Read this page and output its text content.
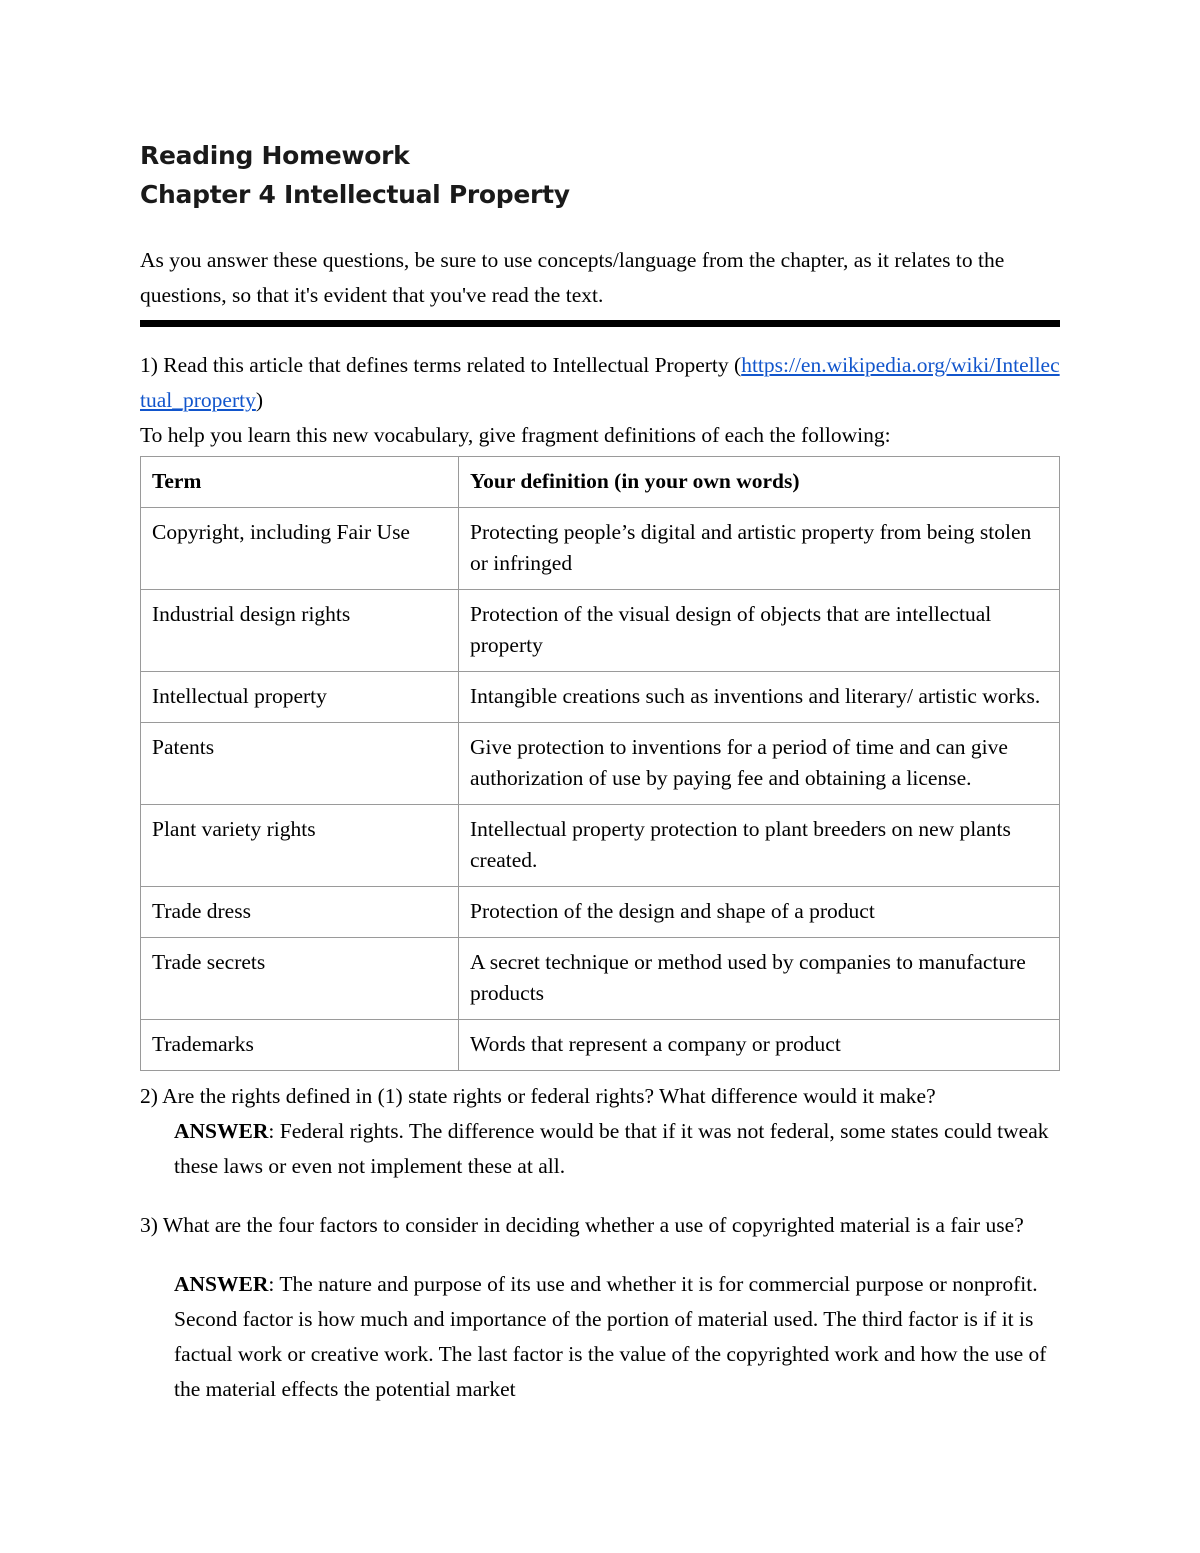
Reading Homework
Chapter 4 Intellectual Property
As you answer these questions, be sure to use concepts/language from the chapter, as it relates to the questions, so that it's evident that you've read the text.

1) Read this article that defines terms related to Intellectual Property (https://en.wikipedia.org/wiki/Intellectual_property)

To help you learn this new vocabulary, give fragment definitions of each the following:

Term	Your definition (in your own words)
Copyright, including Fair Use	Protecting people’s digital and artistic property from being stolen or infringed
Industrial design rights	Protection of the visual design of objects that are intellectual property
Intellectual property	Intangible creations such as inventions and literary/ artistic works.
Patents	Give protection to inventions for a period of time and can give authorization of use by paying fee and obtaining a license.
Plant variety rights	Intellectual property protection to plant breeders on new plants created.
Trade dress	Protection of the design and shape of a product
Trade secrets	A secret technique or method used by companies to manufacture products
Trademarks	Words that represent a company or product

2) Are the rights defined in (1) state rights or federal rights? What difference would it make?

ANSWER: Federal rights. The difference would be that if it was not federal, some states could tweak these laws or even not implement these at all.

3) What are the four factors to consider in deciding whether a use of copyrighted material is a fair use?

ANSWER: The nature and purpose of its use and whether it is for commercial purpose or nonprofit. Second factor is how much and importance of the portion of material used. The third factor is if it is factual work or creative work. The last factor is the value of the copyrighted work and how the use of the material effects the potential market
